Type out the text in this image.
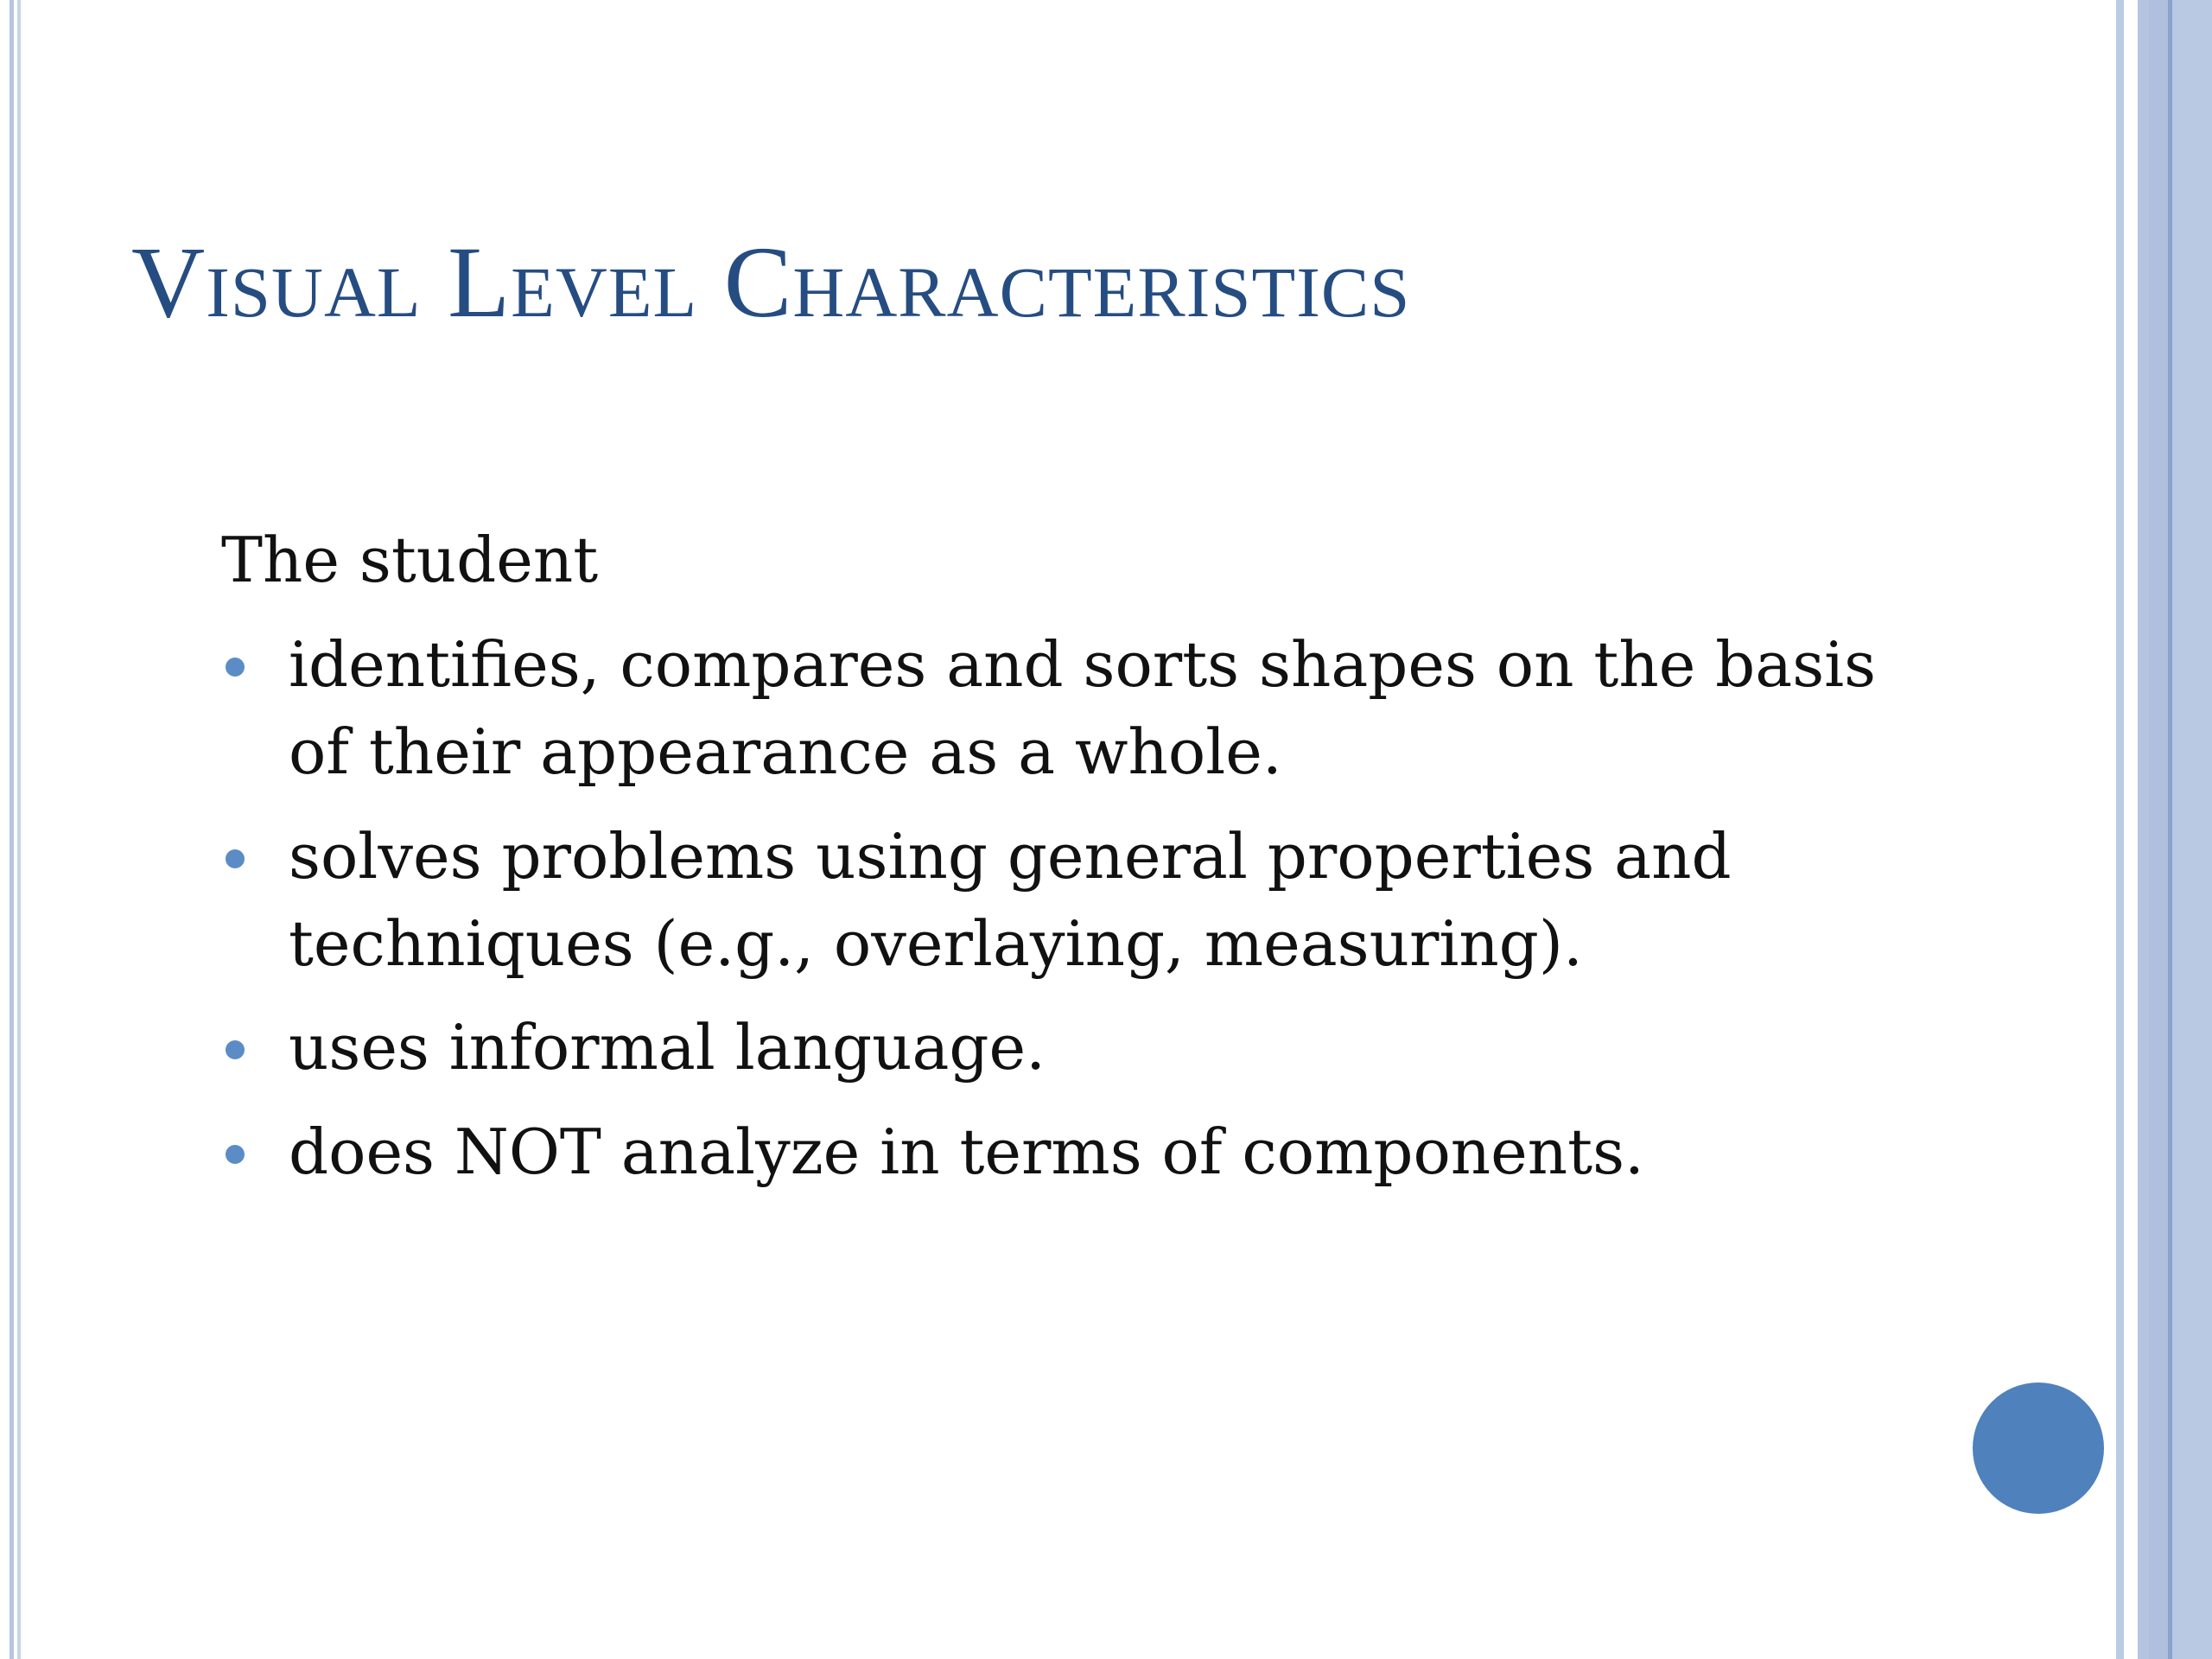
Visual Level Characteristics

The student

identifies, compares and sorts shapes on the basis of their appearance as a whole.
solves problems using general properties and techniques (e.g., overlaying, measuring).
uses informal language.
does NOT analyze in terms of components.
